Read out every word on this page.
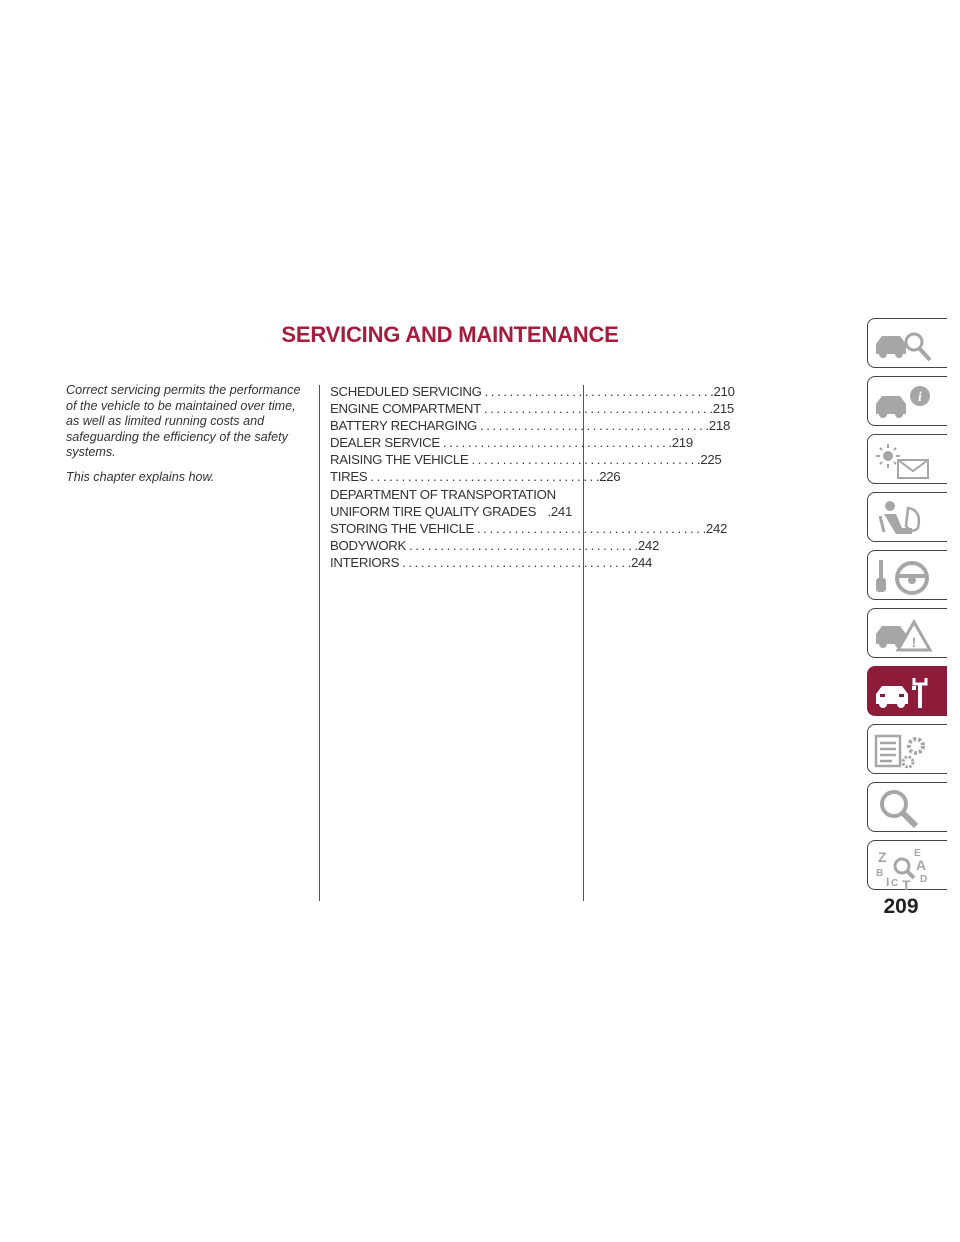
SERVICING AND MAINTENANCE

Correct servicing permits the performance of the vehicle to be maintained over time, as well as limited running costs and safeguarding the efficiency of the safety systems.

This chapter explains how.

SCHEDULED SERVICING .................................... .210
ENGINE COMPARTMENT .................................... .215
BATTERY RECHARGING .................................... .218
DEALER SERVICE .................................... .219
RAISING THE VEHICLE .................................... .225
TIRES .................................... .226
DEPARTMENT OF TRANSPORTATION
UNIFORM TIRE QUALITY GRADES .241
STORING THE VEHICLE .................................... .242
BODYWORK .................................... .242
INTERIORS .................................... .244
i
!
Z	E
A
B
I C T D
209
